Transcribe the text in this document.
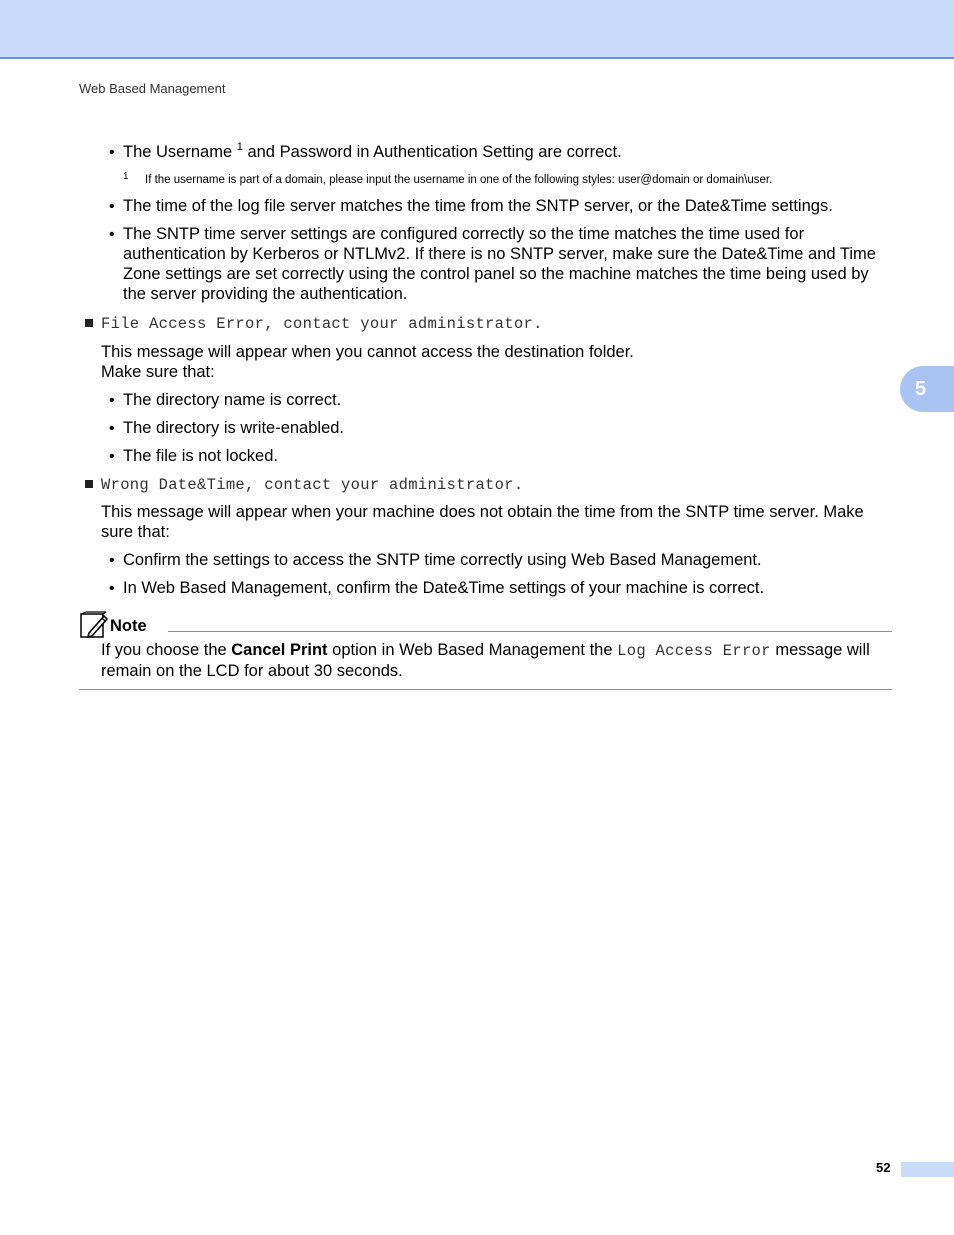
Web Based Management
5
• The Username $^1$ and Password in Authentication Setting are correct.
1 If the username is part of a domain, please input the username in one of the following styles: user@domain or domain\user.
• The time of the log file server matches the time from the SNTP server, or the Date&Time settings.
• The SNTP time server settings are configured correctly so the time matches the time used for authentication by Kerberos or NTLMv2. If there is no SNTP server, make sure the Date&Time and Time Zone settings are set correctly using the control panel so the machine matches the time being used by the server providing the authentication.
File Access Error, contact your administrator.
This message will appear when you cannot access the destination folder.
Make sure that:
• The directory name is correct.
• The directory is write-enabled.
• The file is not locked.
Wrong Date&Time, contact your administrator.
This message will appear when your machine does not obtain the time from the SNTP time server. Make sure that:
• Confirm the settings to access the SNTP time correctly using Web Based Management.
• In Web Based Management, confirm the Date&Time settings of your machine is correct.
Note
If you choose the Cancel Print option in Web Based Management the Log Access Error message will remain on the LCD for about 30 seconds.
52
